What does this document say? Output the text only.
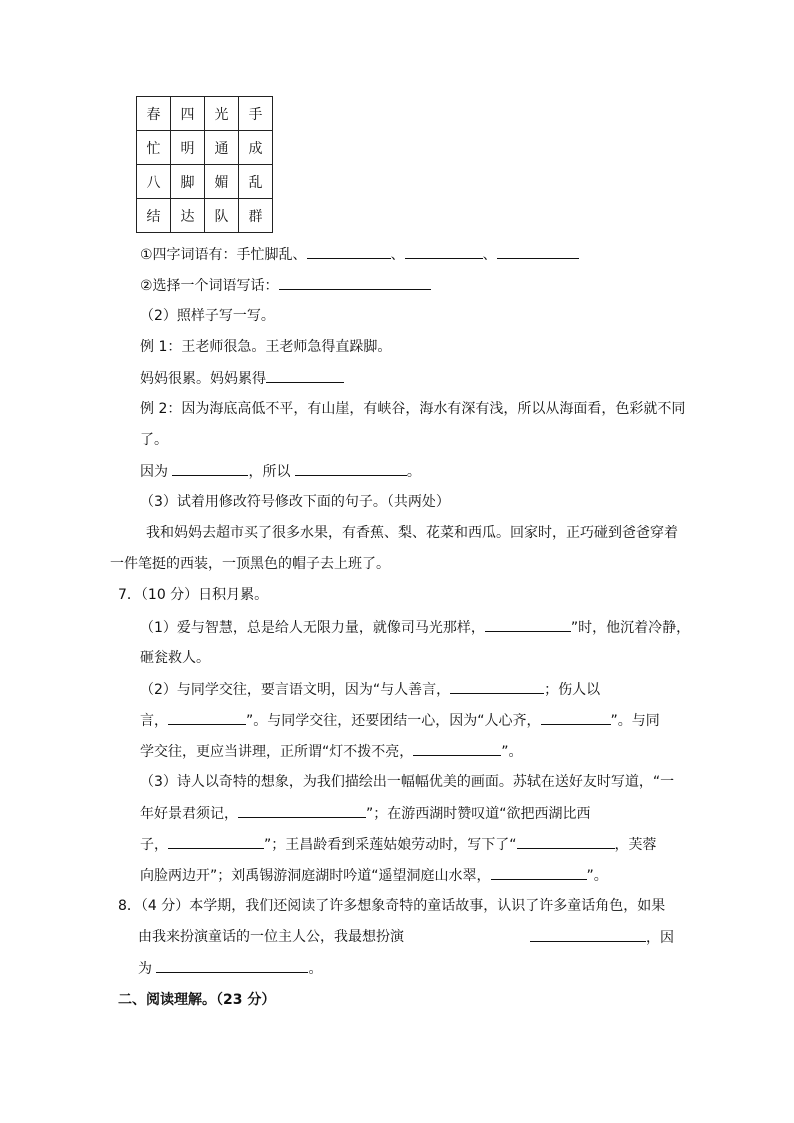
春	四	光	手
忙	明	通	成
八	脚	媚	乱
结	达	队	群
①四字词语有：手忙脚乱、	、	、
②选择一个词语写话：
（2）照样子写一写。
例 1：王老师很急。王老师急得直跺脚。
妈妈很累。妈妈累得
例 2：因为海底高低不平，有山崖，有峡谷，海水有深有浅，所以从海面看，色彩就不同
了。
因为	，所以	。
（3）试着用修改符号修改下面的句子。（共两处）
我和妈妈去超市买了很多水果，有香蕉、梨、花菜和西瓜。回家时，正巧碰到爸爸穿着
一件笔挺的西装，一顶黑色的帽子去上班了。
7．（10 分）日积月累。
（1）爱与智慧，总是给人无限力量，就像司马光那样，	”时，他沉着冷静，
砸瓮救人。
（2）与同学交往，要言语文明，因为“与人善言，	；伤人以
言，	”。与同学交往，还要团结一心，因为“人心齐，	”。与同
学交往，更应当讲理，正所谓“灯不拨不亮，	”。
（3）诗人以奇特的想象，为我们描绘出一幅幅优美的画面。苏轼在送好友时写道，“一
年好景君须记，	”；在游西湖时赞叹道“欲把西湖比西
子，	”；王昌龄看到采莲姑娘劳动时，写下了“	，芙蓉
向脸两边开”；刘禹锡游洞庭湖时吟道“遥望洞庭山水翠，	”。
8．（4 分）本学期，我们还阅读了许多想象奇特的童话故事，认识了许多童话角色，如果
由我来扮演童话的一位主人公，我最想扮演	，因
为	。
二、阅读理解。（23 分）
